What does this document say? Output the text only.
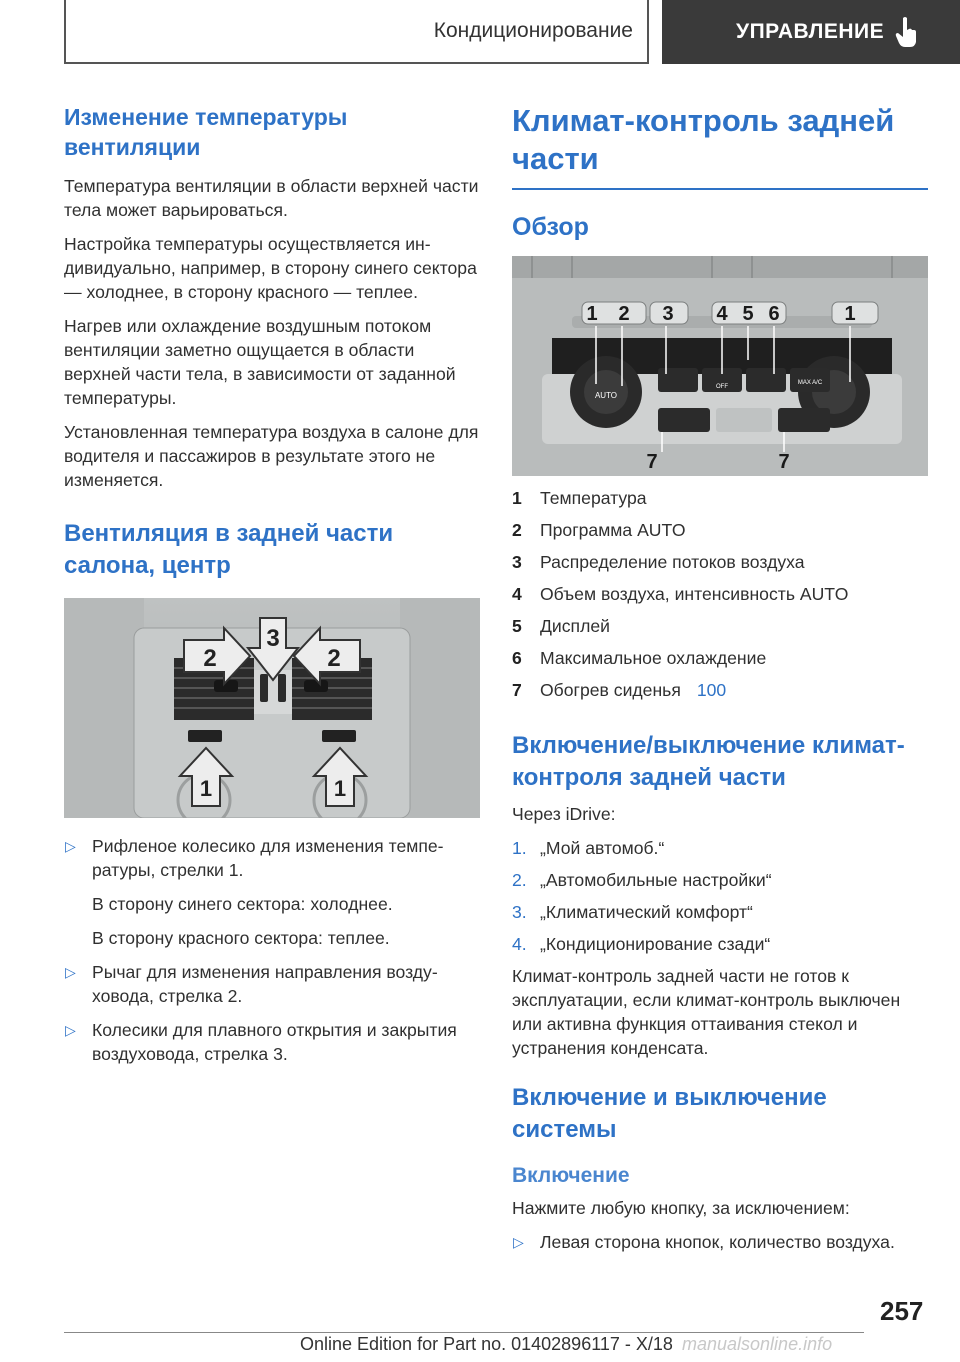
Кондиционирование	УПРАВЛЕНИЕ
Изменение температуры вентиляции

Температура вентиляции в области верхней части тела может варьироваться.

Настройка температуры осуществляется индивидуально, например, в сторону синего сектора — холоднее, в сторону красного — теплее.

Нагрев или охлаждение воздушным потоком вентиляции заметно ощущается в области верхней части тела, в зависимости от заданной температуры.

Установленная температура воздуха в салоне для водителя и пассажиров в результате этого не изменяется.

Вентиляция в задней части салона, центр
2
3
2
1	1
▷ Рифленое колесико для изменения температуры, стрелки 1.
В сторону синего сектора: холоднее.
В сторону красного сектора: теплее.
▷ Рычаг для изменения направления воздуховода, стрелка 2.
▷ Колесики для плавного открытия и закрытия воздуховода, стрелка 3.
Климат-контроль задней части
Обзор
AUTO
OFF
MAX A/C
1 2 3 4 5 6	1
7	7
1	Температура
2	Программа AUTO
3	Распределение потоков воздуха
4	Объем воздуха, интенсивность AUTO
5	Дисплей
6	Максимальное охлаждение
7	Обогрев сиденья 100
Включение/выключение климат-контроля задней части

Через iDrive:

1. „Мой автомоб.“
2. „Автомобильные настройки“
3. „Климатический комфорт“
4. „Кондиционирование сзади“

Климат-контроль задней части не готов к эксплуатации, если климат-контроль выключен или активна функция оттаивания стекол и устранения конденсата.

Включение и выключение системы
Включение

Нажмите любую кнопку, за исключением:

▷ Левая сторона кнопок, количество воздуха.
257
Online Edition for Part no. 01402896117 - X/18 manualsonline.info
